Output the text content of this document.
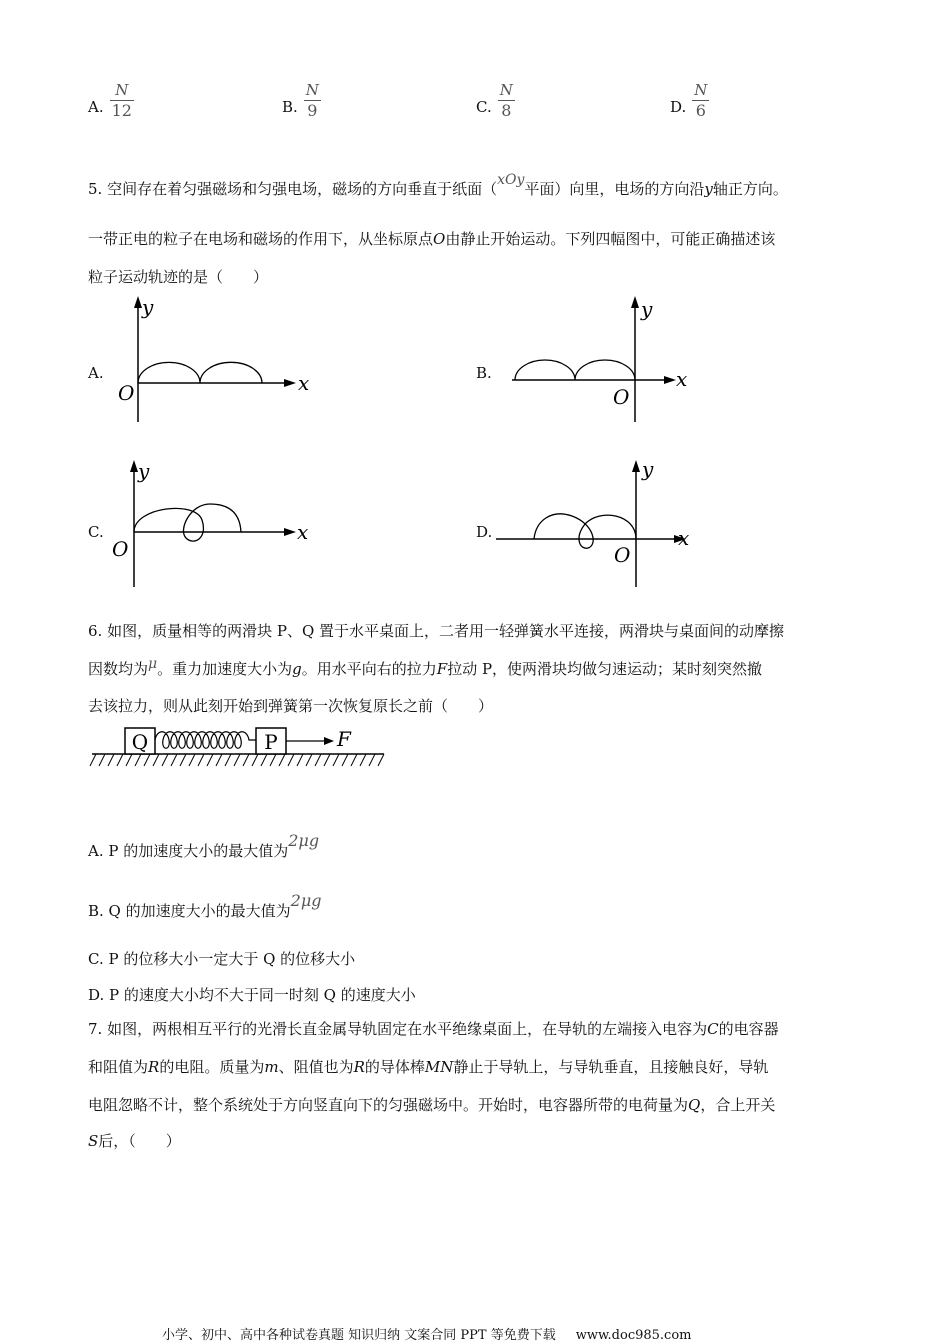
A. $\frac{N}{12}$	B. $\frac{N}{9}$	C. $\frac{N}{8}$	D. $\frac{N}{6}$
5. 空间存在着匀强磁场和匀强电场，磁场的方向垂直于纸面（xOy平面）向里，电场的方向沿y轴正方向。
一带正电的粒子在电场和磁场的作用下，从坐标原点O由静止开始运动。下列四幅图中，可能正确描述该
粒子运动轨迹的是（　　）
A.	B.
C.	D.
y
x
O
y
x
O
y
x
O
y
x
O
6. 如图，质量相等的两滑块 P、Q 置于水平桌面上，二者用一轻弹簧水平连接，两滑块与桌面间的动摩擦
因数均为μ。重力加速度大小为g。用水平向右的拉力F拉动 P，使两滑块均做匀速运动；某时刻突然撤
去该拉力，则从此刻开始到弹簧第一次恢复原长之前（　　）
Q	P	F
A. P 的加速度大小的最大值为2μg
B. Q 的加速度大小的最大值为2μg
C. P 的位移大小一定大于 Q 的位移大小
D. P 的速度大小均不大于同一时刻 Q 的速度大小
7. 如图，两根相互平行的光滑长直金属导轨固定在水平绝缘桌面上，在导轨的左端接入电容为C的电容器
和阻值为R的电阻。质量为m、阻值也为R的导体棒MN静止于导轨上，与导轨垂直，且接触良好，导轨
电阻忽略不计，整个系统处于方向竖直向下的匀强磁场中。开始时，电容器所带的电荷量为Q，合上开关
S后，（　　）
小学、初中、高中各种试卷真题 知识归纳 文案合同 PPT 等免费下载 www.doc985.com
